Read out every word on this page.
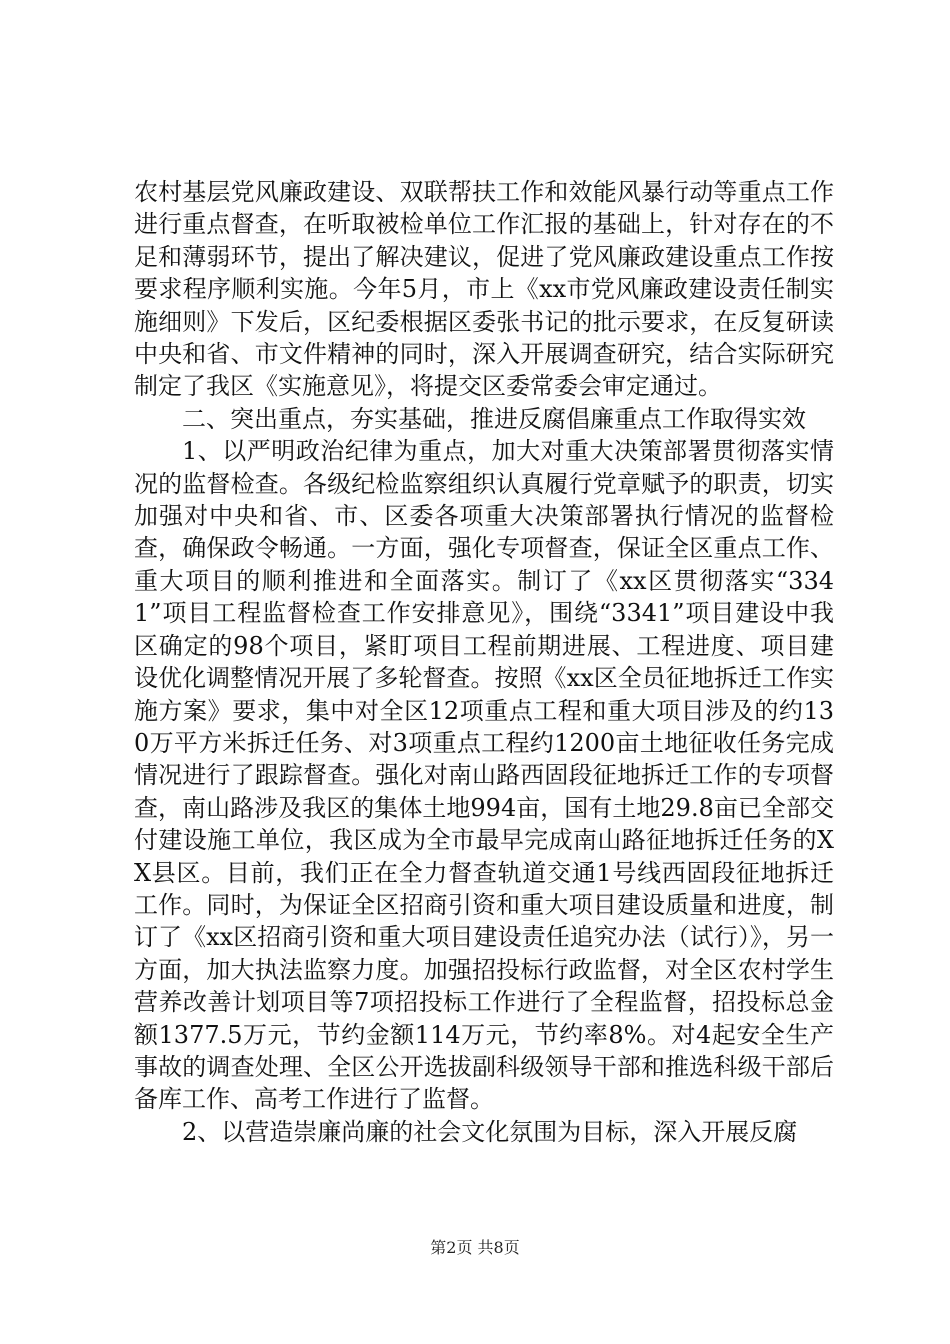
农村基层党风廉政建设、双联帮扶工作和效能风暴行动等重点工作进行重点督查，在听取被检单位工作汇报的基础上，针对存在的不足和薄弱环节，提出了解决建议，促进了党风廉政建设重点工作按要求程序顺利实施。今年5月，市上《xx市党风廉政建设责任制实施细则》下发后，区纪委根据区委张书记的批示要求，在反复研读中央和省、市文件精神的同时，深入开展调查研究，结合实际研究制定了我区《实施意见》，将提交区委常委会审定通过。

二、突出重点，夯实基础，推进反腐倡廉重点工作取得实效

1、以严明政治纪律为重点，加大对重大决策部署贯彻落实情况的监督检查。各级纪检监察组织认真履行党章赋予的职责，切实加强对中央和省、市、区委各项重大决策部署执行情况的监督检查，确保政令畅通。一方面，强化专项督查，保证全区重点工作、重大项目的顺利推进和全面落实。制订了《xx区贯彻落实“3341”项目工程监督检查工作安排意见》，围绕“3341”项目建设中我区确定的98个项目，紧盯项目工程前期进展、工程进度、项目建设优化调整情况开展了多轮督查。按照《xx区全员征地拆迁工作实施方案》要求，集中对全区12项重点工程和重大项目涉及的约130万平方米拆迁任务、对3项重点工程约1200亩土地征收任务完成情况进行了跟踪督查。强化对南山路西固段征地拆迁工作的专项督查，南山路涉及我区的集体土地994亩，国有土地29.8亩已全部交付建设施工单位，我区成为全市最早完成南山路征地拆迁任务的XX县区。目前，我们正在全力督查轨道交通1号线西固段征地拆迁工作。同时，为保证全区招商引资和重大项目建设质量和进度，制订了《xx区招商引资和重大项目建设责任追究办法（试行）》，另一方面，加大执法监察力度。加强招投标行政监督，对全区农村学生营养改善计划项目等7项招投标工作进行了全程监督，招投标总金额1377.5万元，节约金额114万元，节约率8%。对4起安全生产事故的调查处理、全区公开选拔副科级领导干部和推选科级干部后备库工作、高考工作进行了监督。

2、以营造崇廉尚廉的社会文化氛围为目标，深入开展反腐

第2页 共8页
